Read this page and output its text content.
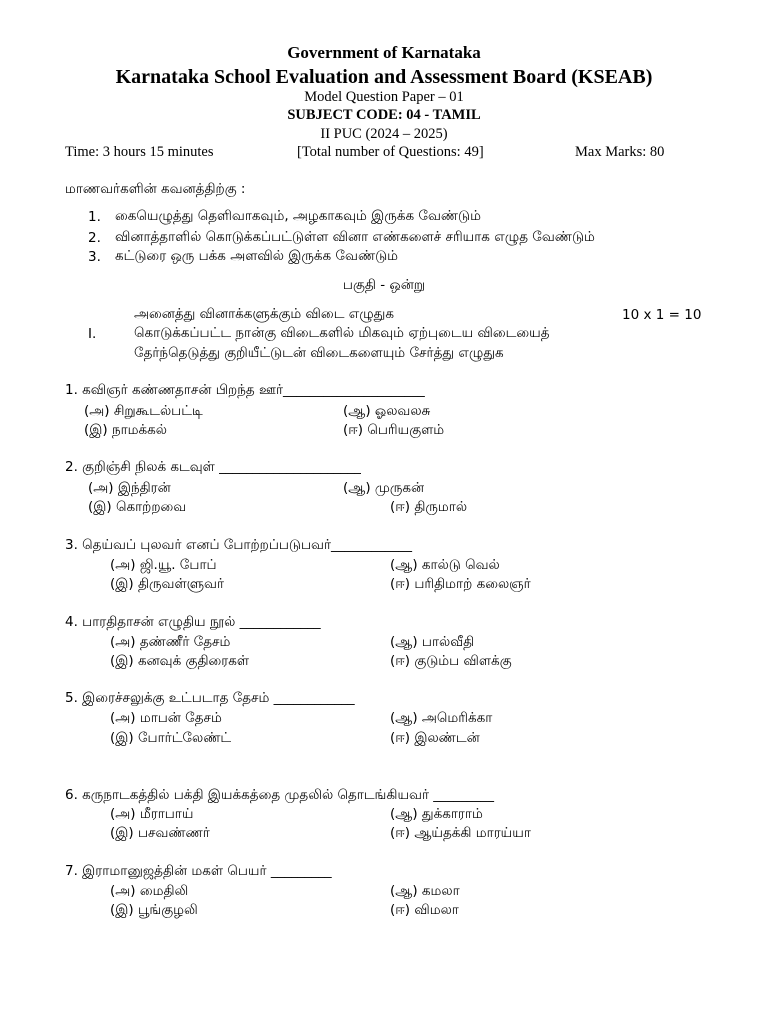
Government of Karnataka
Karnataka School Evaluation and Assessment Board (KSEAB)
Model Question Paper – 01
SUBJECT CODE: 04 - TAMIL
II PUC (2024 – 2025)
Time: 3 hours 15 minutes	[Total number of Questions: 49]	Max Marks: 80
மாணவர்களின் கவனத்திற்கு :
1. கையெழுத்து தெளிவாகவும், அழகாகவும் இருக்க வேண்டும்
2. வினாத்தாளில் கொடுக்கப்பட்டுள்ள வினா எண்களைச் சரியாக எழுத வேண்டும்
3. கட்டுரை ஒரு பக்க அளவில் இருக்க வேண்டும்
பகுதி - ஒன்று
அனைத்து வினாக்களுக்கும் விடை எழுதுக	10 x 1 = 10
I.	கொடுக்கப்பட்ட நான்கு விடைகளில் மிகவும் ஏற்புடைய விடையைத்
தேர்ந்தெடுத்து குறியீட்டுடன் விடைகளையும் சேர்த்து எழுதுக
1. கவிஞர் கண்ணதாசன் பிறந்த ஊர்_____________________
(அ) சிறுகூடல்பட்டி	(ஆ) ஓலவலசு
(இ) நாமக்கல்	(ஈ) பெரியகுளம்
2. குறிஞ்சி நிலக் கடவுள் _____________________
(அ) இந்திரன்	(ஆ) முருகன்
(இ) கொற்றவை	(ஈ) திருமால்
3. தெய்வப் புலவர் எனப் போற்றப்படுபவர்____________
(அ) ஜி.யூ. போப்	(ஆ) கால்டு வெல்
(இ) திருவள்ளுவர்	(ஈ) பரிதிமாற் கலைஞர்
4. பாரதிதாசன் எழுதிய நூல் ____________
(அ) தண்ணீர் தேசம்	(ஆ) பால்வீதி
(இ) கனவுக் குதிரைகள்	(ஈ) குடும்ப விளக்கு
5. இரைச்சலுக்கு உட்படாத தேசம் ____________
(அ) மாபன் தேசம்	(ஆ) அமெரிக்கா
(இ) போர்ட்லேண்ட்	(ஈ) இலண்டன்
6. கருநாடகத்தில் பக்தி இயக்கத்தை முதலில் தொடங்கியவர் _________
(அ) மீராபாய்	(ஆ) துக்காராம்
(இ) பசவண்ணர்	(ஈ) ஆய்தக்கி மாரய்யா
7. இராமானுஜத்தின் மகள் பெயர் _________
(அ) மைதிலி	(ஆ) கமலா
(இ) பூங்குழலி	(ஈ) விமலா
